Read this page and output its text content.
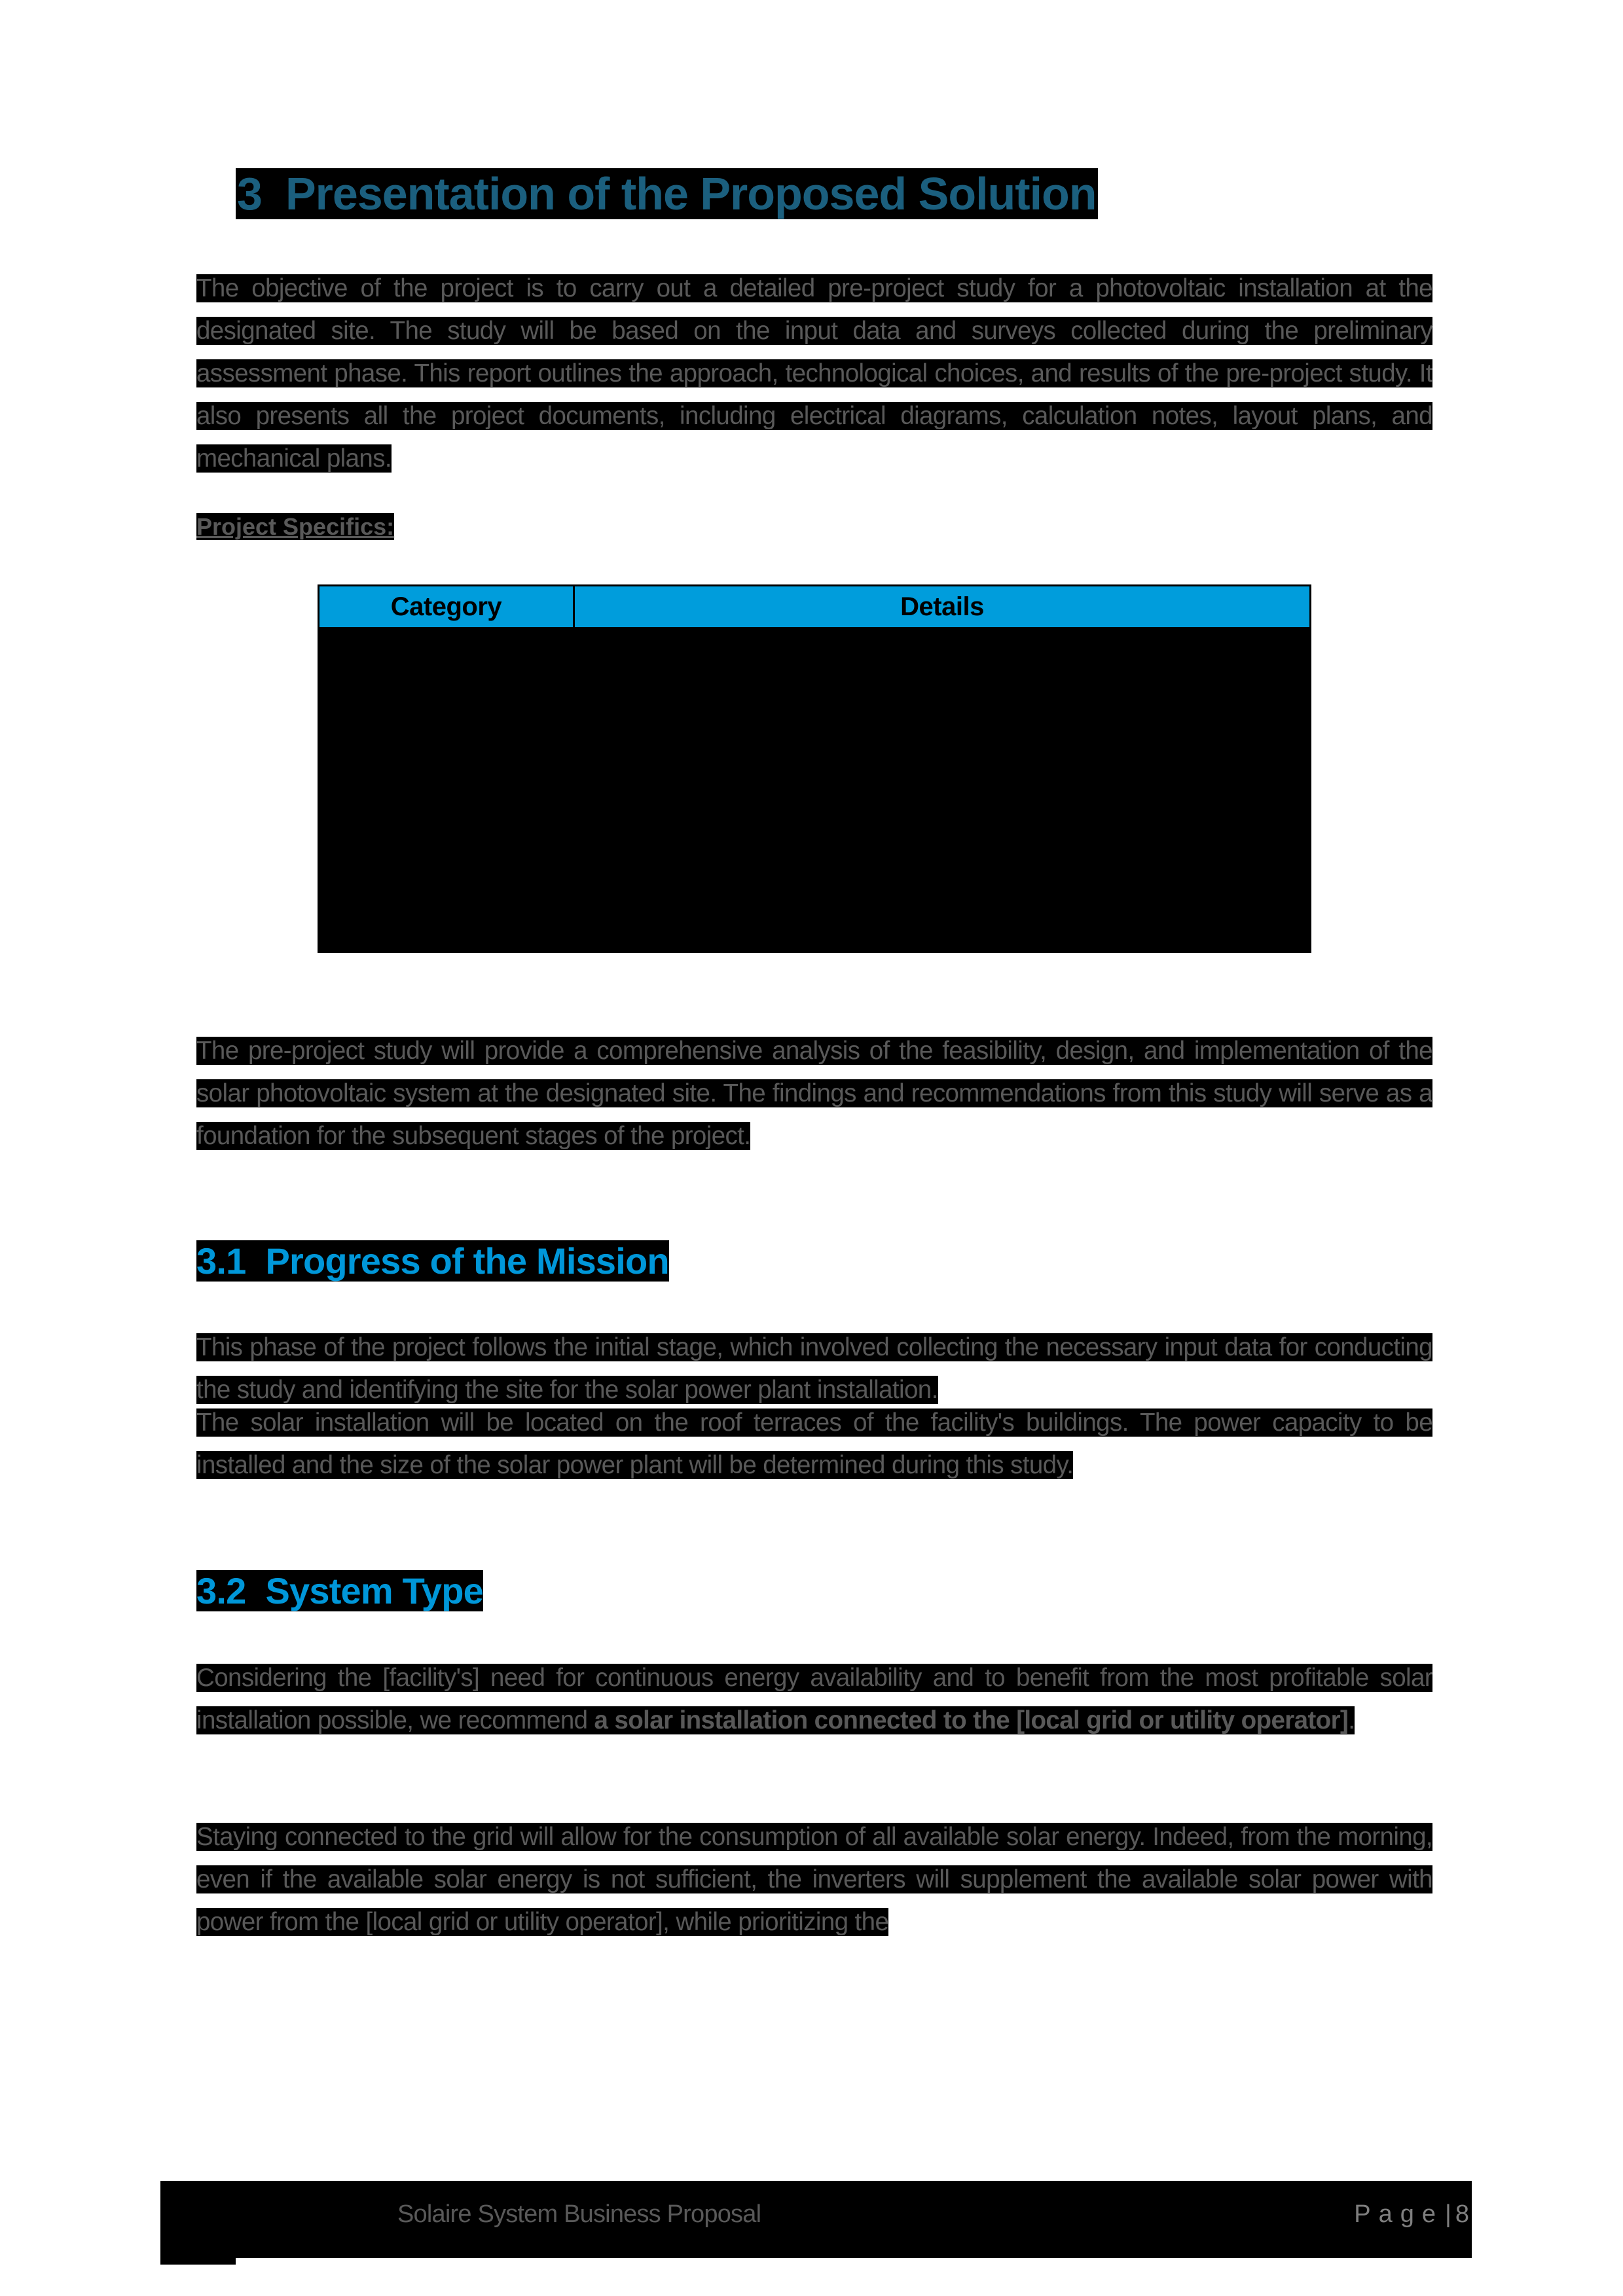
3 Presentation of the Proposed Solution

The objective of the project is to carry out a detailed pre-project study for a photovoltaic installation at the designated site. The study will be based on the input data and surveys collected during the preliminary assessment phase. This report outlines the approach, technological choices, and results of the pre-project study. It also presents all the project documents, including electrical diagrams, calculation notes, layout plans, and mechanical plans.

Project Specifics:
Category	Details

The pre-project study will provide a comprehensive analysis of the feasibility, design, and implementation of the solar photovoltaic system at the designated site. The findings and recommendations from this study will serve as a foundation for the subsequent stages of the project.

3.1 Progress of the Mission

This phase of the project follows the initial stage, which involved collecting the necessary input data for conducting the study and identifying the site for the solar power plant installation.

The solar installation will be located on the roof terraces of the facility's buildings. The power capacity to be installed and the size of the solar power plant will be determined during this study.

3.2 System Type

Considering the [facility's] need for continuous energy availability and to benefit from the most profitable solar installation possible, we recommend a solar installation connected to the [local grid or utility operator].

Staying connected to the grid will allow for the consumption of all available solar energy. Indeed, from the morning, even if the available solar energy is not sufficient, the inverters will supplement the available solar power with power from the [local grid or utility operator], while prioritizing the

Solaire System Business Proposal	Page| 8
